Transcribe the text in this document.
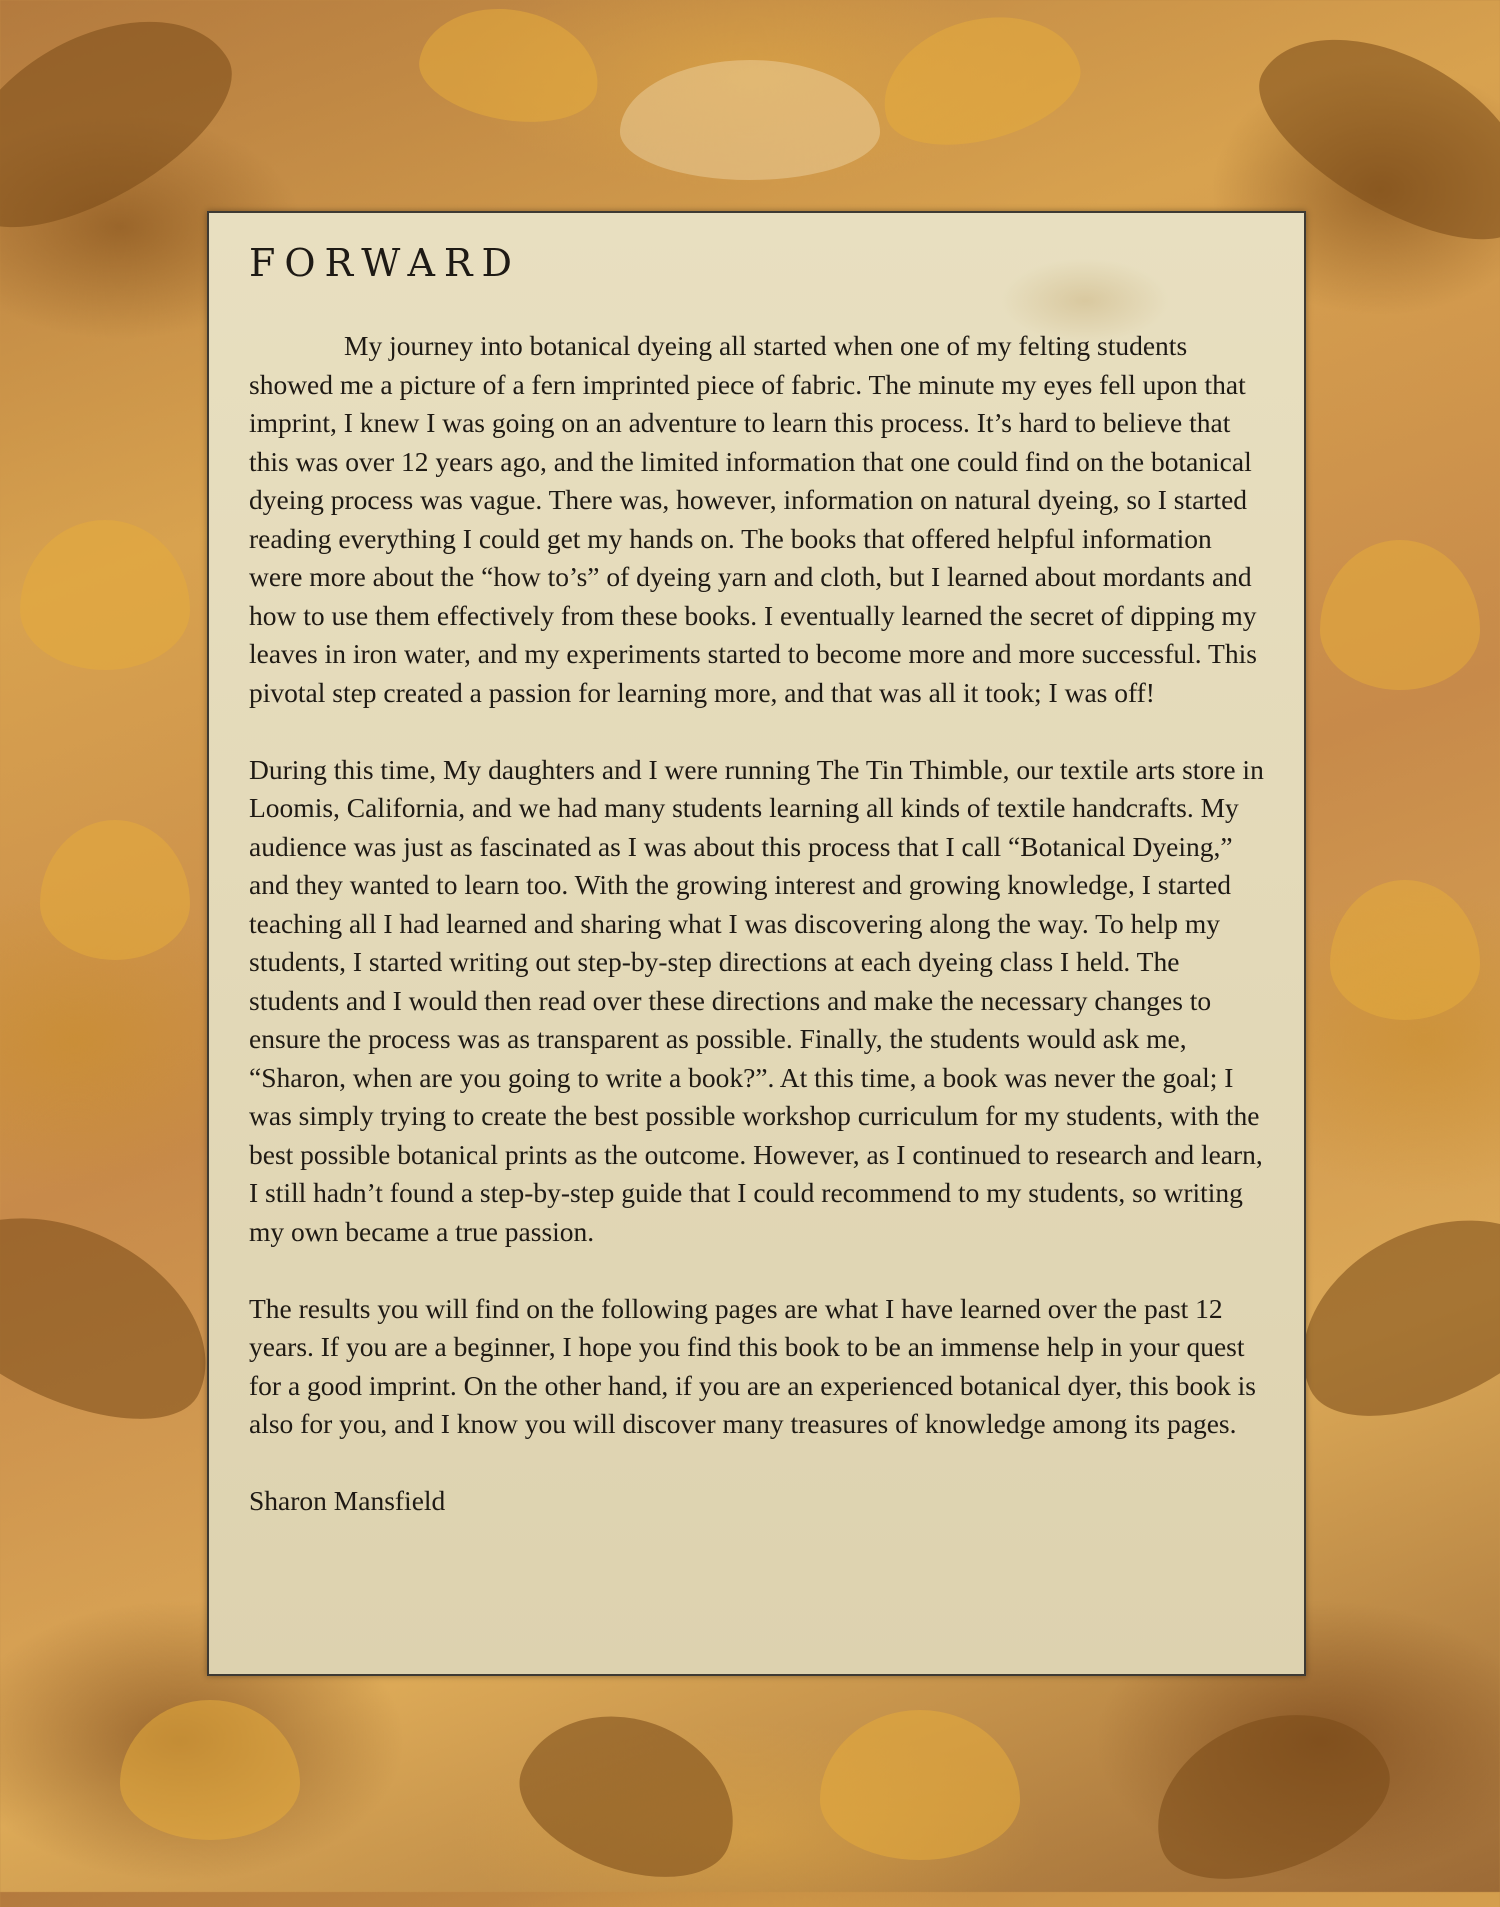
FORWARD

My journey into botanical dyeing all started when one of my felting students showed me a picture of a fern imprinted piece of fabric. The minute my eyes fell upon that imprint, I knew I was going on an adventure to learn this process. It’s hard to believe that this was over 12 years ago, and the limited information that one could find on the botanical dyeing process was vague. There was, however, information on natural dyeing, so I started reading everything I could get my hands on. The books that offered helpful information were more about the “how to’s” of dyeing yarn and cloth, but I learned about mordants and how to use them effectively from these books. I eventually learned the secret of dipping my leaves in iron water, and my experiments started to become more and more successful. This pivotal step created a passion for learning more, and that was all it took; I was off!

During this time, My daughters and I were running The Tin Thimble, our textile arts store in Loomis, California, and we had many students learning all kinds of textile handcrafts. My audience was just as fascinated as I was about this process that I call “Botanical Dyeing,” and they wanted to learn too. With the growing interest and growing knowledge, I started teaching all I had learned and sharing what I was discovering along the way. To help my students, I started writing out step-by-step directions at each dyeing class I held. The students and I would then read over these directions and make the necessary changes to ensure the process was as transparent as possible. Finally, the students would ask me, “Sharon, when are you going to write a book?”. At this time, a book was never the goal; I was simply trying to create the best possible workshop curriculum for my students, with the best possible botanical prints as the outcome. However, as I continued to research and learn, I still hadn’t found a step-by-step guide that I could recommend to my students, so writing my own became a true passion.

The results you will find on the following pages are what I have learned over the past 12 years. If you are a beginner, I hope you find this book to be an immense help in your quest for a good imprint. On the other hand, if you are an experienced botanical dyer, this book is also for you, and I know you will discover many treasures of knowledge among its pages.

Sharon Mansfield
